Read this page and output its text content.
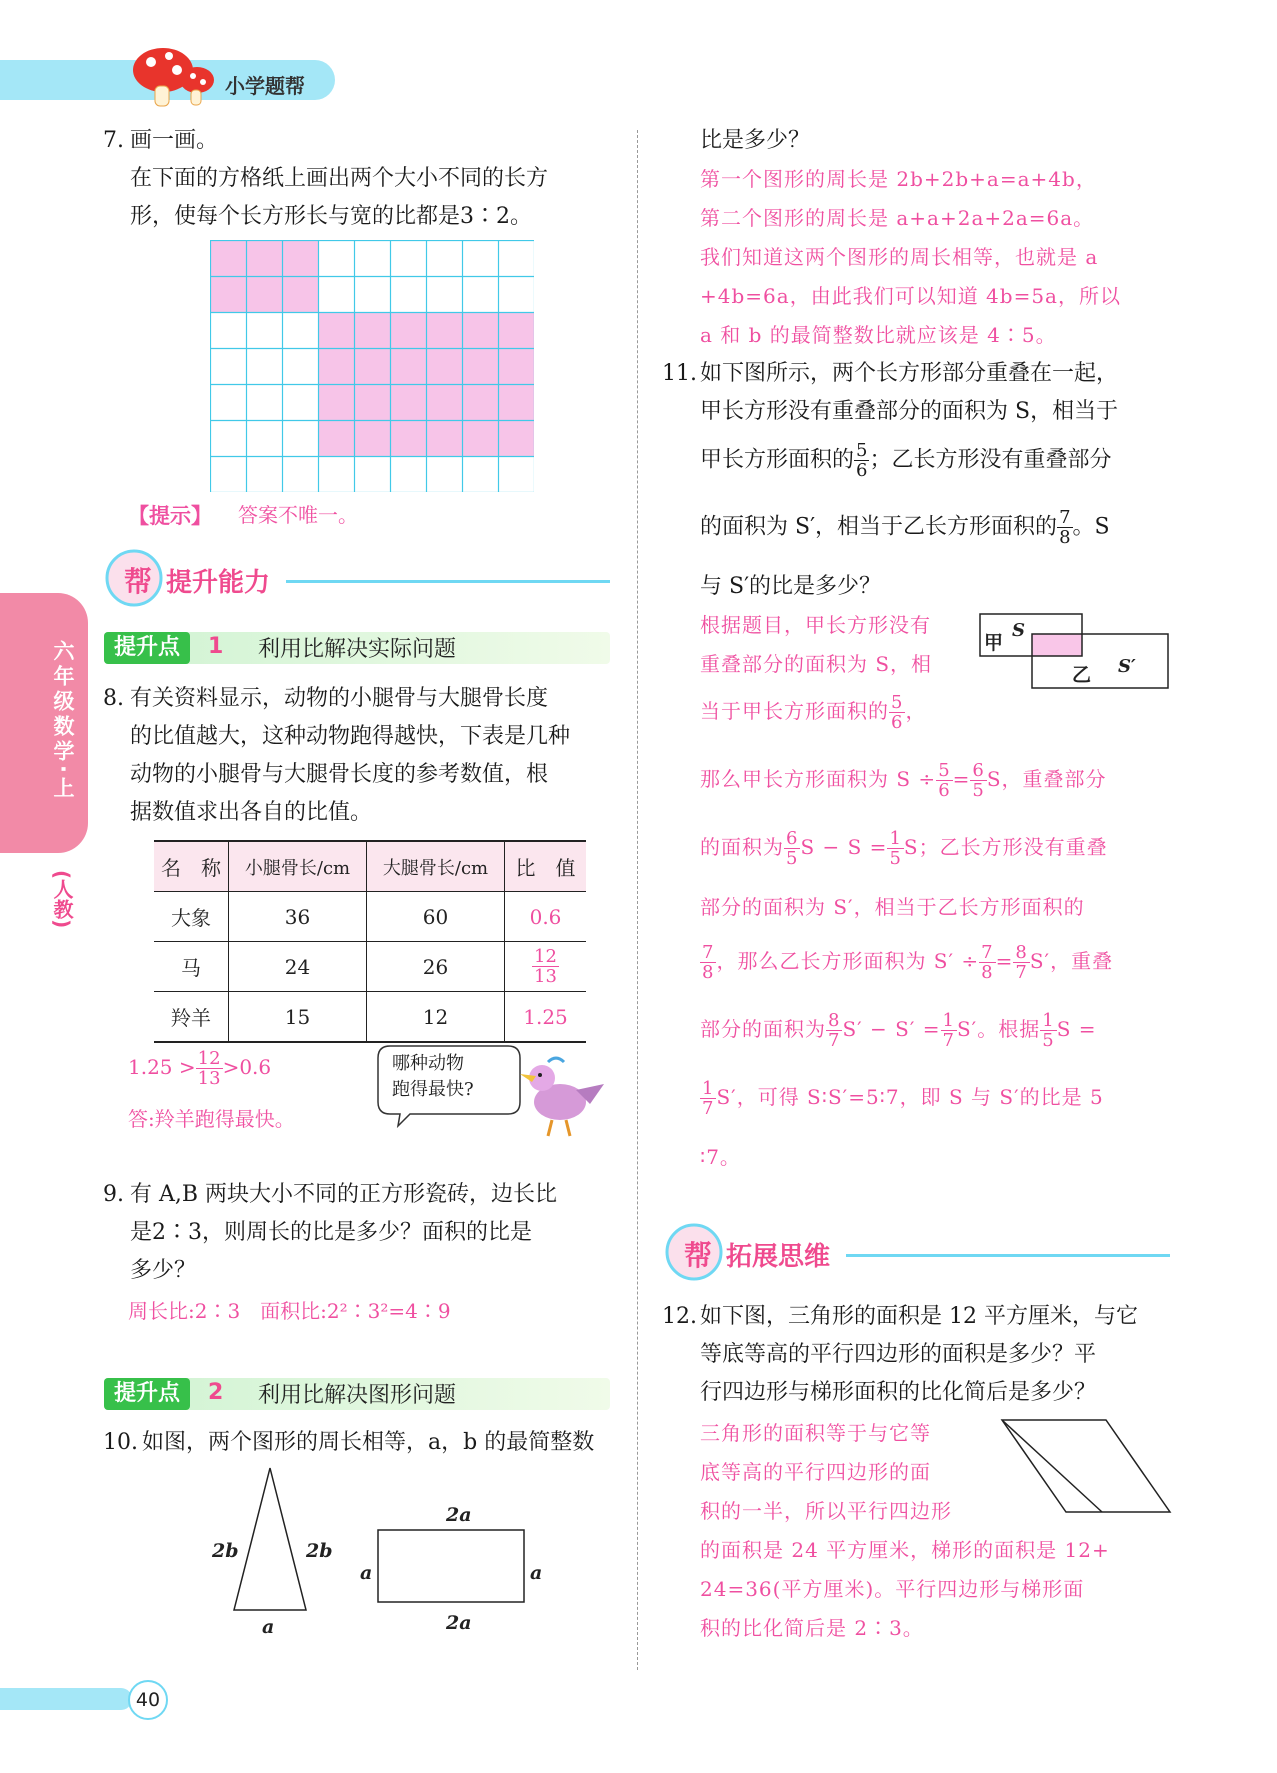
小学题帮
六年级数学·上
(人教)
7. 画一画。
在下面的方格纸上画出两个大小不同的长方
形，使每个长方形长与宽的比都是3∶2。
【提示】 答案不唯一。
帮 提升能力
提升点	1 利用比解决实际问题
8. 有关资料显示，动物的小腿骨与大腿骨长度
的比值越大，这种动物跑得越快，下表是几种
动物的小腿骨与大腿骨长度的参考数值，根
据数值求出各自的比值。
名　称	小腿骨长/cm	大腿骨长/cm	比　值
大象	36	60	0.6
马	24	26	$\frac{12}{13}$

羚羊	15	12	1.25
$1.25 > \frac{12}{13} >0.6$
答:羚羊跑得最快。
哪种动物
跑得最快?
9. 有 A,B 两块大小不同的正方形瓷砖，边长比
是2∶3，则周长的比是多少？面积的比是
多少？
周长比:2∶3　面积比:2²∶3²=4∶9
提升点	2 利用比解决图形问题
10. 如图，两个图形的周长相等，a，b 的最简整数
2b	2b
a
2a
2a
a	a
40
比是多少？
第一个图形的周长是 2b+2b+a=a+4b，
第二个图形的周长是 a+a+2a+2a=6a。
我们知道这两个图形的周长相等，也就是 a
+4b=6a，由此我们可以知道 4b=5a，所以
a 和 b 的最简整数比就应该是 4∶5。
11. 如下图所示，两个长方形部分重叠在一起，
甲长方形没有重叠部分的面积为 S，相当于
甲长方形面积的 $\frac{5}{6}$ ；乙长方形没有重叠部分
的面积为 S′，相当于乙长方形面积的 $\frac{7}{8}$ 。S
与 S′的比是多少？
甲
S
乙 S′
根据题目，甲长方形没有
重叠部分的面积为 S，相
当于甲长方形面积的 $\frac{5}{6}$ ，
那么甲长方形面积为 $S \div \frac{5}{6} = \frac{6}{5}$ S，重叠部分
的面积为 $\frac{6}{5}$ $S - S = \frac{1}{5}$ S；乙长方形没有重叠
部分的面积为 S′，相当于乙长方形面积的
$\frac{7}{8}$ ，那么乙长方形面积为 $S' \div \frac{7}{8} = \frac{8}{7} S'$，重叠
部分的面积为 $\frac{8}{7} S' - S' = \frac{1}{7} S'$。根据 $\frac{1}{5}$ S =
$\frac{1}{7} S'$，可得 S∶S′=5∶7，即 S 与 S′的比是 5
∶7。
帮 拓展思维
12. 如下图，三角形的面积是 12 平方厘米，与它
等底等高的平行四边形的面积是多少？平
行四边形与梯形面积的比化简后是多少？
三角形的面积等于与它等
底等高的平行四边形的面
积的一半，所以平行四边形
的面积是 24 平方厘米，梯形的面积是 12+
24=36(平方厘米)。平行四边形与梯形面
积的比化简后是 2∶3。
